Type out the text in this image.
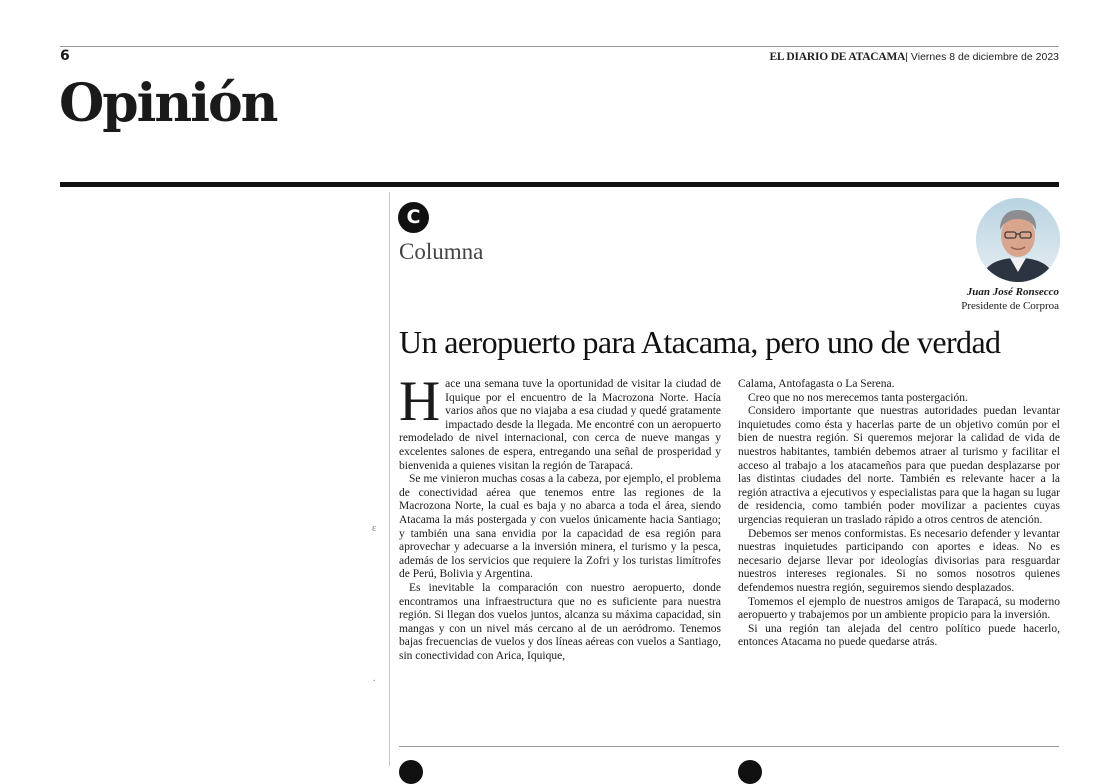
6	EL DIARIO DE ATACAMA| Viernes 8 de diciembre de 2023
Opinión
ε
.
C
Columna
Juan José Ronsecco
Presidente de Corproa
Un aeropuerto para Atacama, pero uno de verdad

Hace una semana tuve la oportunidad de visitar la ciudad de Iquique por el encuentro de la Macrozona Norte. Hacía varios años que no viajaba a esa ciudad y quedé gratamente impactado desde la llegada. Me encontré con un aeropuerto remodelado de nivel internacional, con cerca de nueve mangas y excelentes salones de espera, entregando una señal de prosperidad y bienvenida a quienes visitan la región de Tarapacá.

Se me vinieron muchas cosas a la cabeza, por ejemplo, el problema de conectividad aérea que tenemos entre las regiones de la Macrozona Norte, la cual es baja y no abarca a toda el área, siendo Atacama la más postergada y con vuelos únicamente hacia Santiago; y también una sana envidia por la capacidad de esa región para aprovechar y adecuarse a la inversión minera, el turismo y la pesca, además de los servicios que requiere la Zofri y los turistas limítrofes de Perú, Bolivia y Argentina.

Es inevitable la comparación con nuestro aeropuerto, donde encontramos una infraestructura que no es suficiente para nuestra región. Si llegan dos vuelos juntos, alcanza su máxima capacidad, sin mangas y con un nivel más cercano al de un aeródromo. Tenemos bajas frecuencias de vuelos y dos líneas aéreas con vuelos a Santiago, sin conectividad con Arica, Iquique,

Calama, Antofagasta o La Serena.

Creo que no nos merecemos tanta postergación.

Considero importante que nuestras autoridades puedan levantar inquietudes como ésta y hacerlas parte de un objetivo común por el bien de nuestra región. Si queremos mejorar la calidad de vida de nuestros habitantes, también debemos atraer al turismo y facilitar el acceso al trabajo a los atacameños para que puedan desplazarse por las distintas ciudades del norte. También es relevante hacer a la región atractiva a ejecutivos y especialistas para que la hagan su lugar de residencia, como también poder movilizar a pacientes cuyas urgencias requieran un traslado rápido a otros centros de atención.

Debemos ser menos conformistas. Es necesario defender y levantar nuestras inquietudes participando con aportes e ideas. No es necesario dejarse llevar por ideologías divisorias para resguardar nuestros intereses regionales. Si no somos nosotros quienes defendemos nuestra región, seguiremos siendo desplazados.

Tomemos el ejemplo de nuestros amigos de Tarapacá, su moderno aeropuerto y trabajemos por un ambiente propicio para la inversión.

Si una región tan alejada del centro político puede hacerlo, entonces Atacama no puede quedarse atrás.
